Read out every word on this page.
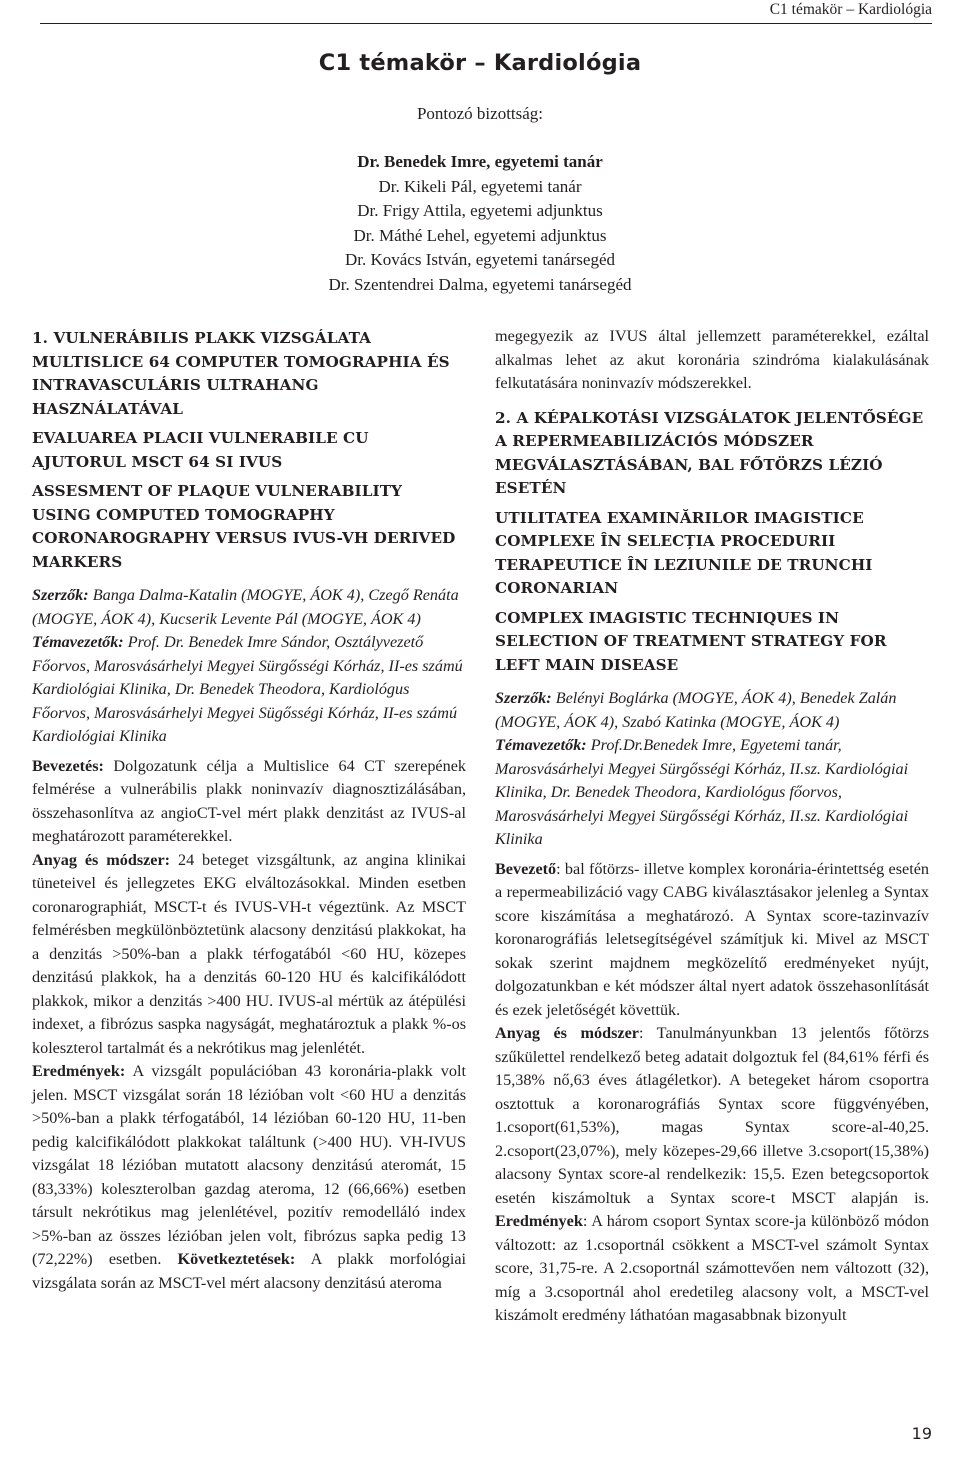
C1 témakör – Kardiológia
C1 témakör – Kardiológia
Pontozó bizottság:
Dr. Benedek Imre, egyetemi tanár
Dr. Kikeli Pál, egyetemi tanár
Dr. Frigy Attila, egyetemi adjunktus
Dr. Máthé Lehel, egyetemi adjunktus
Dr. Kovács István, egyetemi tanársegéd
Dr. Szentendrei Dalma, egyetemi tanársegéd
1. VULNERÁBILIS PLAKK VIZSGÁLATA MULTISLICE 64 COMPUTER TOMOGRAPHIA ÉS INTRAVASCULÁRIS ULTRAHANG HASZNÁLATÁVAL
EVALUAREA PLACII VULNERABILE CU AJUTORUL MSCT 64 SI IVUS
ASSESMENT OF PLAQUE VULNERABILITY USING COMPUTED TOMOGRAPHY CORONAROGRAPHY VERSUS IVUS-VH DERIVED MARKERS
Szerzők: Banga Dalma-Katalin (MOGYE, ÁOK 4), Czegő Renáta (MOGYE, ÁOK 4), Kucserik Levente Pál (MOGYE, ÁOK 4)
Témavezetők: Prof. Dr. Benedek Imre Sándor, Osztályvezető Főorvos, Marosvásárhelyi Megyei Sürgősségi Kórház, II-es számú Kardiológiai Klinika, Dr. Benedek Theodora, Kardiológus Főorvos, Marosvásárhelyi Megyei Sügősségi Kórház, II-es számú Kardiológiai Klinika

Bevezetés: Dolgozatunk célja a Multislice 64 CT szerepének felmérése a vulnerábilis plakk noninvazív diagnosztizálásában, összehasonlítva az angioCT-vel mért plakk denzitást az IVUS-al meghatározott paraméterekkel.

Anyag és módszer: 24 beteget vizsgáltunk, az angina klinikai tüneteivel és jellegzetes EKG elváltozásokkal. Minden esetben coronarographiát, MSCT-t és IVUS-VH-t végeztünk. Az MSCT felmérésben megkülönböztetünk alacsony denzitású plakkokat, ha a denzitás >50%-ban a plakk térfogatából <60 HU, közepes denzitású plakkok, ha a denzitás 60-120 HU és kalcifikálódott plakkok, mikor a denzitás >400 HU. IVUS-al mértük az átépülési indexet, a fibrózus saspka nagyságát, meghatároztuk a plakk %-os koleszterol tartalmát és a nekrótikus mag jelenlétét.

Eredmények: A vizsgált populációban 43 koronária-plakk volt jelen. MSCT vizsgálat során 18 lézióban volt <60 HU a denzitás >50%-ban a plakk térfogatából, 14 lézióban 60-120 HU, 11-ben pedig kalcifikálódott plakkokat találtunk (>400 HU). VH-IVUS vizsgálat 18 lézióban mutatott alacsony denzitású ateromát, 15 (83,33%) koleszterolban gazdag ateroma, 12 (66,66%) esetben társult nekrótikus mag jelenlétével, pozitív remodelláló index >5%-ban az összes lézióban jelen volt, fibrózus sapka pedig 13 (72,22%) esetben. Következtetések: A plakk morfológiai vizsgálata során az MSCT-vel mért alacsony denzitású ateroma

megegyezik az IVUS által jellemzett paraméterekkel, ezáltal alkalmas lehet az akut koronária szindróma kialakulásának felkutatására noninvazív módszerekkel.

2. A KÉPALKOTÁSI VIZSGÁLATOK JELENTŐSÉGE A REPERMEABILIZÁCIÓS MÓDSZER MEGVÁLASZTÁSÁBAN, BAL FŐTÖRZS LÉZIÓ ESETÉN
UTILITATEA EXAMINĂRILOR IMAGISTICE COMPLEXE ÎN SELECȚIA PROCEDURII TERAPEUTICE ÎN LEZIUNILE DE TRUNCHI CORONARIAN
COMPLEX IMAGISTIC TECHNIQUES IN SELECTION OF TREATMENT STRATEGY FOR LEFT MAIN DISEASE
Szerzők: Belényi Boglárka (MOGYE, ÁOK 4), Benedek Zalán (MOGYE, ÁOK 4), Szabó Katinka (MOGYE, ÁOK 4)
Témavezetők: Prof.Dr.Benedek Imre, Egyetemi tanár, Marosvásárhelyi Megyei Sürgősségi Kórház, II.sz. Kardiológiai Klinika, Dr. Benedek Theodora, Kardiológus főorvos, Marosvásárhelyi Megyei Sürgősségi Kórház, II.sz. Kardiológiai Klinika

Bevezető: bal főtörzs- illetve komplex koronária-érintettség esetén a repermeabilizáció vagy CABG kiválasztásakor jelenleg a Syntax score kiszámítása a meghatározó. A Syntax score-tazinvazív koronarográfiás leletsegítségével számítjuk ki. Mivel az MSCT sokak szerint majdnem megközelítő eredményeket nyújt, dolgozatunkban e két módszer által nyert adatok összehasonlítását és ezek jeletőségét követtük.

Anyag és módszer: Tanulmányunkban 13 jelentős főtörzs szűkülettel rendelkező beteg adatait dolgoztuk fel (84,61% férfi és 15,38% nő,63 éves átlagéletkor). A betegeket három csoportra osztottuk a koronarográfiás Syntax score függvényében, 1.csoport(61,53%), magas Syntax score-al-40,25. 2.csoport(23,07%), mely közepes-29,66 illetve 3.csoport(15,38%) alacsony Syntax score-al rendelkezik: 15,5. Ezen betegcsoportok esetén kiszámoltuk a Syntax score-t MSCT alapján is. Eredmények: A három csoport Syntax score-ja különböző módon változott: az 1.csoportnál csökkent a MSCT-vel számolt Syntax score, 31,75-re. A 2.csoportnál számottevően nem változott (32), míg a 3.csoportnál ahol eredetileg alacsony volt, a MSCT-vel kiszámolt eredmény láthatóan magasabbnak bizonyult

19
